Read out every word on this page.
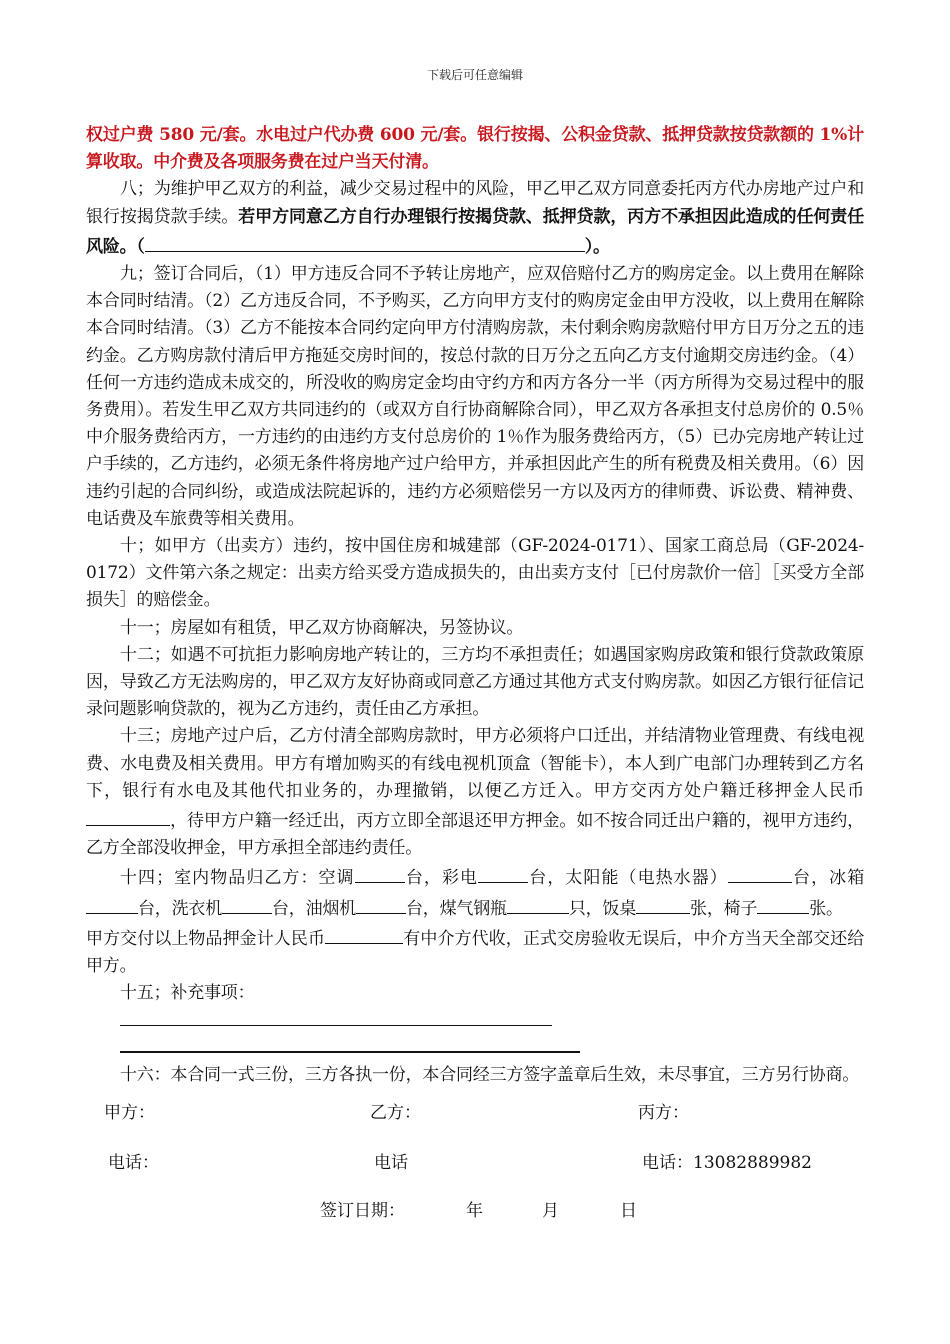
下载后可任意编辑

权过户费 580 元/套。水电过户代办费 600 元/套。银行按揭、公积金贷款、抵押贷款按贷款额的 1%计算收取。中介费及各项服务费在过户当天付清。

八；为维护甲乙双方的利益，减少交易过程中的风险，甲乙甲乙双方同意委托丙方代办房地产过户和银行按揭贷款手续。若甲方同意乙方自行办理银行按揭贷款、抵押贷款，丙方不承担因此造成的任何责任风险。（	）。

九；签订合同后，（1）甲方违反合同不予转让房地产，应双倍赔付乙方的购房定金。以上费用在解除本合同时结清。（2）乙方违反合同，不予购买，乙方向甲方支付的购房定金由甲方没收，以上费用在解除本合同时结清。（3）乙方不能按本合同约定向甲方付清购房款，未付剩余购房款赔付甲方日万分之五的违约金。乙方购房款付清后甲方拖延交房时间的，按总付款的日万分之五向乙方支付逾期交房违约金。（4）任何一方违约造成未成交的，所没收的购房定金均由守约方和丙方各分一半（丙方所得为交易过程中的服务费用）。若发生甲乙双方共同违约的（或双方自行协商解除合同），甲乙双方各承担支付总房价的 0.5％中介服务费给丙方，一方违约的由违约方支付总房价的 1％作为服务费给丙方，（5）已办完房地产转让过户手续的，乙方违约，必须无条件将房地产过户给甲方，并承担因此产生的所有税费及相关费用。（6）因违约引起的合同纠纷，或造成法院起诉的，违约方必须赔偿另一方以及丙方的律师费、诉讼费、精神费、电话费及车旅费等相关费用。

十；如甲方（出卖方）违约，按中国住房和城建部（GF-2024-0171）、国家工商总局（GF-2024-0172）文件第六条之规定：出卖方给买受方造成损失的，由出卖方支付［已付房款价一倍］［买受方全部损失］的赔偿金。

十一；房屋如有租赁，甲乙双方协商解决，另签协议。

十二；如遇不可抗拒力影响房地产转让的，三方均不承担责任；如遇国家购房政策和银行贷款政策原因，导致乙方无法购房的，甲乙双方友好协商或同意乙方通过其他方式支付购房款。如因乙方银行征信记录问题影响贷款的，视为乙方违约，责任由乙方承担。

十三；房地产过户后，乙方付清全部购房款时，甲方必须将户口迁出，并结清物业管理费、有线电视费、水电费及相关费用。甲方有增加购买的有线电视机顶盒（智能卡），本人到广电部门办理转到乙方名下，银行有水电及其他代扣业务的，办理撤销，以便乙方迁入。甲方交丙方处户籍迁移押金人民币，待甲方户籍一经迁出，丙方立即全部退还甲方押金。如不按合同迁出户籍的，视甲方违约，乙方全部没收押金，甲方承担全部违约责任。

十四；室内物品归乙方：空调	台，彩电	台，太阳能（电热水器）	台，冰箱台，洗衣机	台，油烟机	台，煤气钢瓶	只，饭桌	张，椅子	张。

甲方交付以上物品押金计人民币	有中介方代收，正式交房验收无误后，中介方当天全部交还给甲方。

十五；补充事项：

十六：本合同一式三份，三方各执一份，本合同经三方签字盖章后生效，未尽事宜，三方另行协商。

甲方：	乙方：	丙方：
电话：	电话	电话：13082889982
签订日期：	年	月	日
